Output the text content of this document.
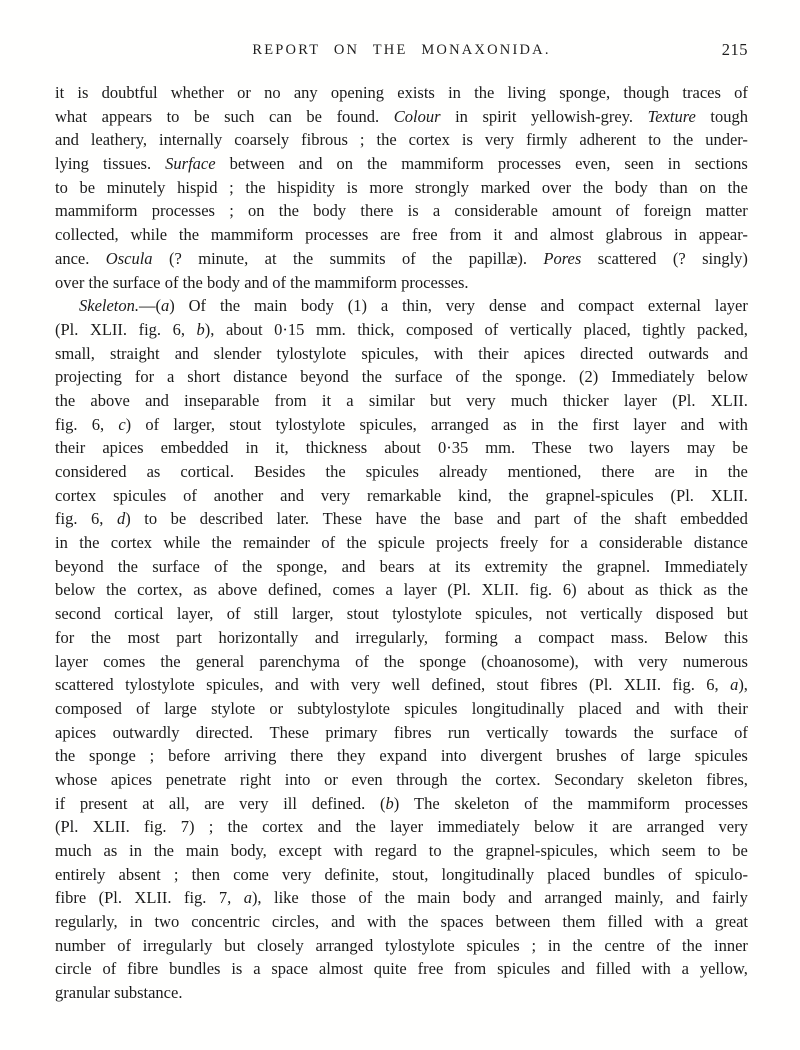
REPORT ON THE MONAXONIDA.	215
it is doubtful whether or no any opening exists in the living sponge, though traces of
what appears to be such can be found. Colour in spirit yellowish-grey. Texture tough
and leathery, internally coarsely fibrous ; the cortex is very firmly adherent to the under-
lying tissues. Surface between and on the mammiform processes even, seen in sections
to be minutely hispid ; the hispidity is more strongly marked over the body than on the
mammiform processes ; on the body there is a considerable amount of foreign matter
collected, while the mammiform processes are free from it and almost glabrous in appear-
ance. Oscula (? minute, at the summits of the papillæ). Pores scattered (? singly)
over the surface of the body and of the mammiform processes.
Skeleton.—(a) Of the main body (1) a thin, very dense and compact external layer
(Pl. XLII. fig. 6, b), about 0·15 mm. thick, composed of vertically placed, tightly packed,
small, straight and slender tylostylote spicules, with their apices directed outwards and
projecting for a short distance beyond the surface of the sponge. (2) Immediately below
the above and inseparable from it a similar but very much thicker layer (Pl. XLII.
fig. 6, c) of larger, stout tylostylote spicules, arranged as in the first layer and with
their apices embedded in it, thickness about 0·35 mm. These two layers may be
considered as cortical. Besides the spicules already mentioned, there are in the
cortex spicules of another and very remarkable kind, the grapnel-spicules (Pl. XLII.
fig. 6, d) to be described later. These have the base and part of the shaft embedded
in the cortex while the remainder of the spicule projects freely for a considerable distance
beyond the surface of the sponge, and bears at its extremity the grapnel. Immediately
below the cortex, as above defined, comes a layer (Pl. XLII. fig. 6) about as thick as the
second cortical layer, of still larger, stout tylostylote spicules, not vertically disposed but
for the most part horizontally and irregularly, forming a compact mass. Below this
layer comes the general parenchyma of the sponge (choanosome), with very numerous
scattered tylostylote spicules, and with very well defined, stout fibres (Pl. XLII. fig. 6, a),
composed of large stylote or subtylostylote spicules longitudinally placed and with their
apices outwardly directed. These primary fibres run vertically towards the surface of
the sponge ; before arriving there they expand into divergent brushes of large spicules
whose apices penetrate right into or even through the cortex. Secondary skeleton fibres,
if present at all, are very ill defined. (b) The skeleton of the mammiform processes
(Pl. XLII. fig. 7) ; the cortex and the layer immediately below it are arranged very
much as in the main body, except with regard to the grapnel-spicules, which seem to be
entirely absent ; then come very definite, stout, longitudinally placed bundles of spiculo-
fibre (Pl. XLII. fig. 7, a), like those of the main body and arranged mainly, and fairly
regularly, in two concentric circles, and with the spaces between them filled with a great
number of irregularly but closely arranged tylostylote spicules ; in the centre of the inner
circle of fibre bundles is a space almost quite free from spicules and filled with a yellow,
granular substance.
